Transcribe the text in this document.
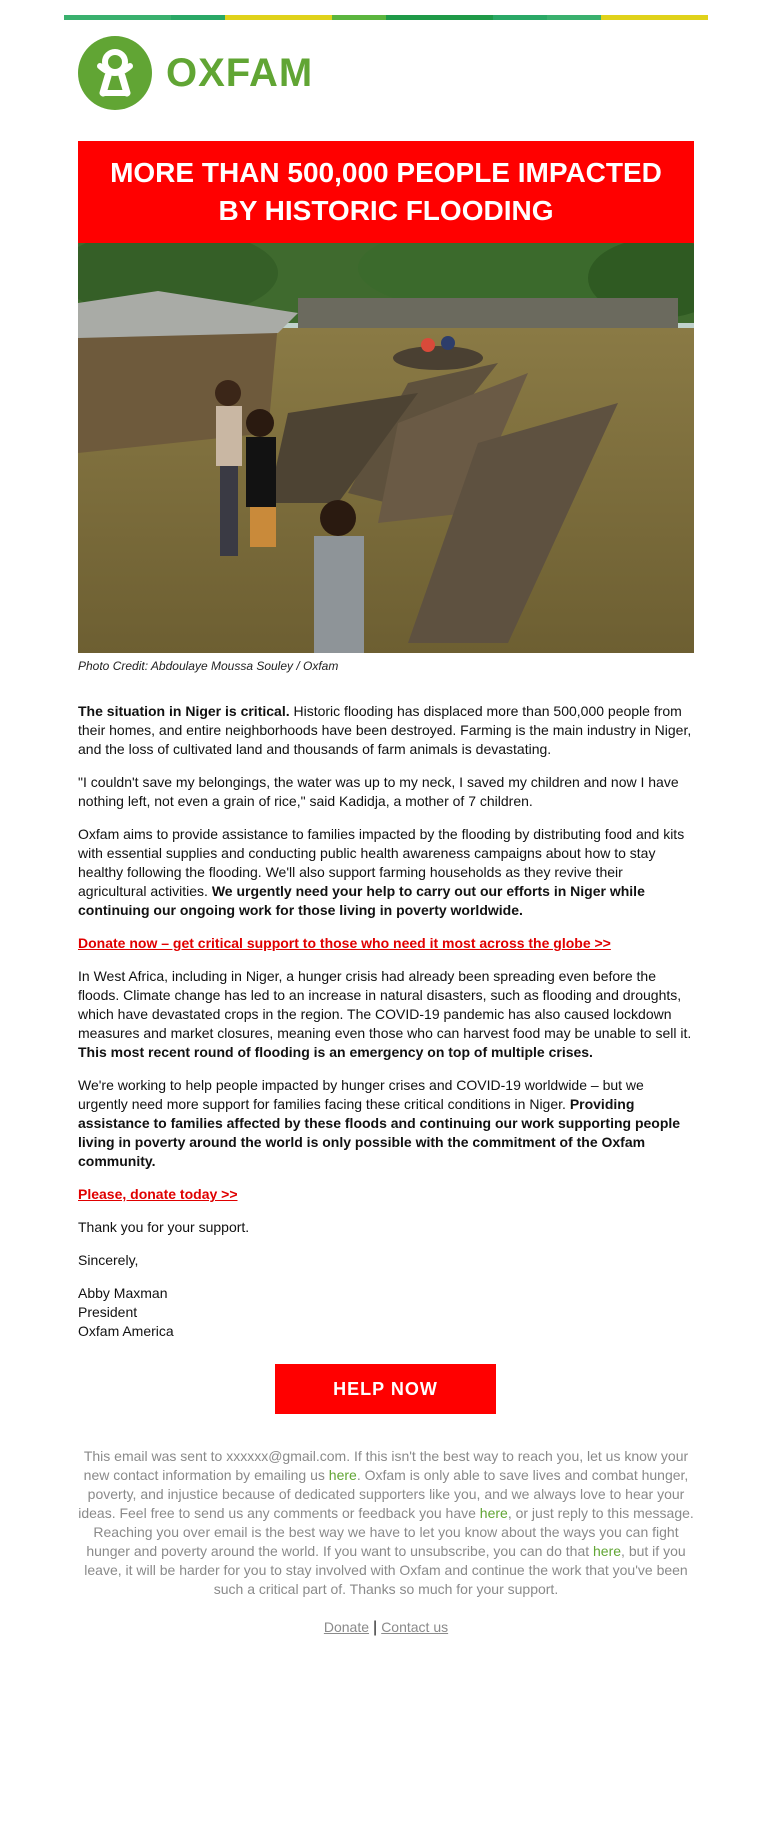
OXFAM
MORE THAN 500,000 PEOPLE IMPACTED
BY HISTORIC FLOODING
Photo Credit: Abdoulaye Moussa Souley / Oxfam

The situation in Niger is critical. Historic flooding has displaced more than 500,000 people from their homes, and entire neighborhoods have been destroyed. Farming is the main industry in Niger, and the loss of cultivated land and thousands of farm animals is devastating.

"I couldn't save my belongings, the water was up to my neck, I saved my children and now I have nothing left, not even a grain of rice," said Kadidja, a mother of 7 children.

Oxfam aims to provide assistance to families impacted by the flooding by distributing food and kits with essential supplies and conducting public health awareness campaigns about how to stay healthy following the flooding. We'll also support farming households as they revive their agricultural activities. We urgently need your help to carry out our efforts in Niger while continuing our ongoing work for those living in poverty worldwide.

Donate now – get critical support to those who need it most across the globe >>

In West Africa, including in Niger, a hunger crisis had already been spreading even before the floods. Climate change has led to an increase in natural disasters, such as flooding and droughts, which have devastated crops in the region. The COVID-19 pandemic has also caused lockdown measures and market closures, meaning even those who can harvest food may be unable to sell it. This most recent round of flooding is an emergency on top of multiple crises.

We're working to help people impacted by hunger crises and COVID-19 worldwide – but we urgently need more support for families facing these critical conditions in Niger. Providing assistance to families affected by these floods and continuing our work supporting people living in poverty around the world is only possible with the commitment of the Oxfam community.

Please, donate today >>

Thank you for your support.

Sincerely,

Abby Maxman
President
Oxfam America

HELP NOW
This email was sent to xxxxxx@gmail.com. If this isn't the best way to reach you, let us know your new contact information by emailing us here. Oxfam is only able to save lives and combat hunger, poverty, and injustice because of dedicated supporters like you, and we always love to hear your ideas. Feel free to send us any comments or feedback you have here, or just reply to this message. Reaching you over email is the best way we have to let you know about the ways you can fight hunger and poverty around the world. If you want to unsubscribe, you can do that here, but if you leave, it will be harder for you to stay involved with Oxfam and continue the work that you've been such a critical part of. Thanks so much for your support.
Donate | Contact us
